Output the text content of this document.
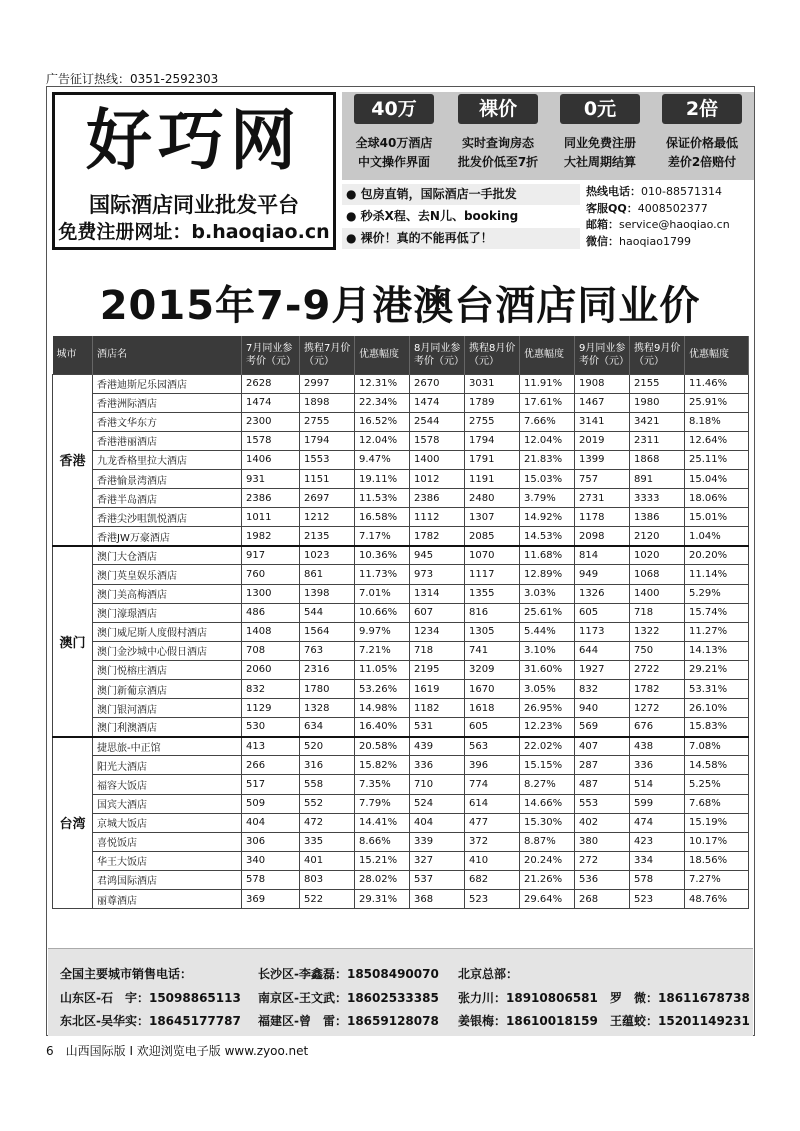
广告征订热线：0351-2592303
好巧网
国际酒店同业批发平台
免费注册网址：b.haoqiao.cn
40万
全球40万酒店
中文操作界面
裸价
实时查询房态
批发价低至7折
0元
同业免费注册
大社周期结算
2倍
保证价格最低
差价2倍赔付
● 包房直销，国际酒店一手批发
● 秒杀X程、去N儿、booking
● 裸价！真的不能再低了！
热线电话：010-88571314
客服QQ：4008502377
邮箱：service@haoqiao.cn
微信：haoqiao1799
2015年7-9月港澳台酒店同业价
城市	酒店名	7月同业参考价（元）	携程7月价（元）	优惠幅度	8月同业参考价（元）	携程8月价（元）	优惠幅度	9月同业参考价（元）	携程9月价（元）	优惠幅度
香港	香港迪斯尼乐园酒店	2628	2997	12.31%	2670	3031	11.91%	1908	2155	11.46%
	香港洲际酒店	1474	1898	22.34%	1474	1789	17.61%	1467	1980	25.91%
	香港文华东方	2300	2755	16.52%	2544	2755	7.66%	3141	3421	8.18%
	香港港丽酒店	1578	1794	12.04%	1578	1794	12.04%	2019	2311	12.64%
	九龙香格里拉大酒店	1406	1553	9.47%	1400	1791	21.83%	1399	1868	25.11%
	香港愉景湾酒店	931	1151	19.11%	1012	1191	15.03%	757	891	15.04%
	香港半岛酒店	2386	2697	11.53%	2386	2480	3.79%	2731	3333	18.06%
	香港尖沙咀凯悦酒店	1011	1212	16.58%	1112	1307	14.92%	1178	1386	15.01%
	香港JW万豪酒店	1982	2135	7.17%	1782	2085	14.53%	2098	2120	1.04%
澳门	澳门大仓酒店	917	1023	10.36%	945	1070	11.68%	814	1020	20.20%
	澳门英皇娱乐酒店	760	861	11.73%	973	1117	12.89%	949	1068	11.14%
	澳门美高梅酒店	1300	1398	7.01%	1314	1355	3.03%	1326	1400	5.29%
	澳门濠璟酒店	486	544	10.66%	607	816	25.61%	605	718	15.74%
	澳门威尼斯人度假村酒店	1408	1564	9.97%	1234	1305	5.44%	1173	1322	11.27%
	澳门金沙城中心假日酒店	708	763	7.21%	718	741	3.10%	644	750	14.13%
	澳门悦榕庄酒店	2060	2316	11.05%	2195	3209	31.60%	1927	2722	29.21%
	澳门新葡京酒店	832	1780	53.26%	1619	1670	3.05%	832	1782	53.31%
	澳门银河酒店	1129	1328	14.98%	1182	1618	26.95%	940	1272	26.10%
	澳门利澳酒店	530	634	16.40%	531	605	12.23%	569	676	15.83%
台湾	捷思旅-中正馆	413	520	20.58%	439	563	22.02%	407	438	7.08%
	阳光大酒店	266	316	15.82%	336	396	15.15%	287	336	14.58%
	福容大饭店	517	558	7.35%	710	774	8.27%	487	514	5.25%
	国宾大酒店	509	552	7.79%	524	614	14.66%	553	599	7.68%
	京城大饭店	404	472	14.41%	404	477	15.30%	402	474	15.19%
	喜悦饭店	306	335	8.66%	339	372	8.87%	380	423	10.17%
	华王大饭店	340	401	15.21%	327	410	20.24%	272	334	18.56%
	君鸿国际酒店	578	803	28.02%	537	682	21.26%	536	578	7.27%
	丽尊酒店	369	522	29.31%	368	523	29.64%	268	523	48.76%
全国主要城市销售电话：	长沙区-李鑫磊：18508490070 北京总部：
山东区-石　宇：15098865113 南京区-王文武：18602533385 张力川：18910806581 罗　微：18611678738
东北区-吴华实：18645177787 福建区-曾　雷：18659128078 姜银梅：18610018159 王蕴蛟：15201149231
6　山西国际版 I 欢迎浏览电子版 www.zyoo.net
